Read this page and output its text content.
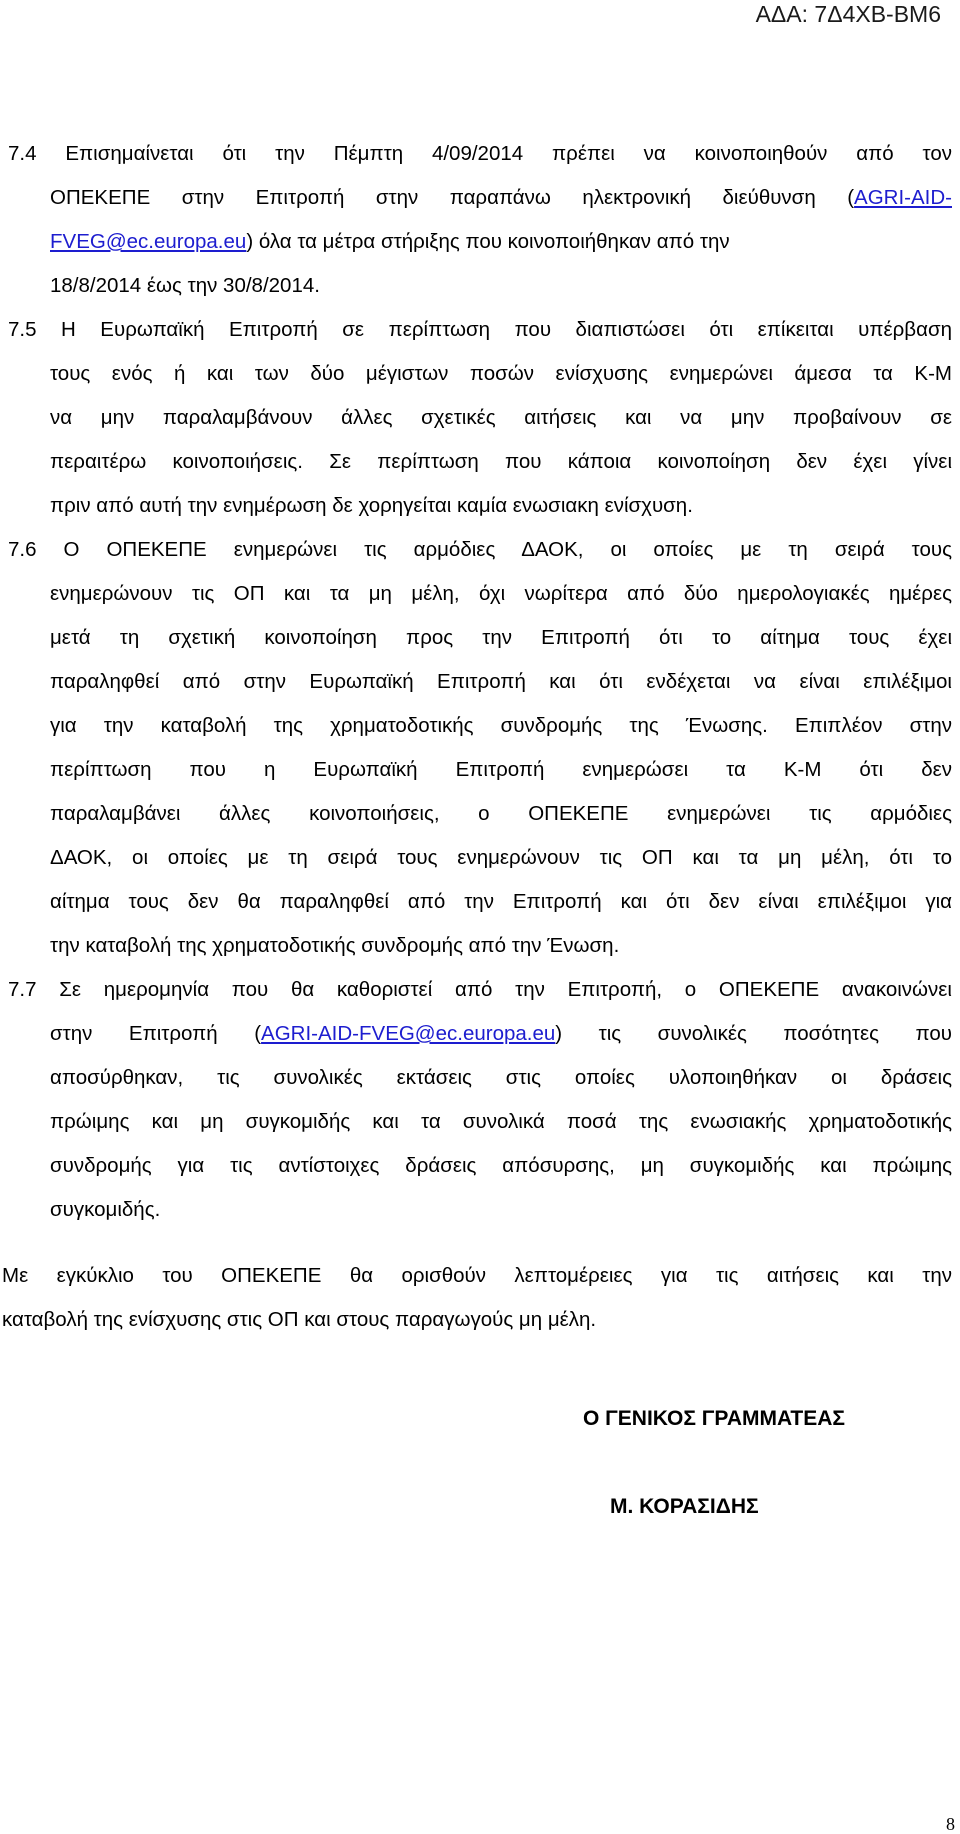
ΑΔΑ: 7Δ4ΧΒ-ΒΜ6
7.4 Επισημαίνεται ότι την Πέμπτη 4/09/2014 πρέπει να κοινοποιηθούν από τον
ΟΠΕΚΕΠΕ στην Επιτροπή στην παραπάνω ηλεκτρονική διεύθυνση (AGRI-AID-
FVEG@ec.europa.eu) όλα τα μέτρα στήριξης που κοινοποιήθηκαν από την
18/8/2014 έως την 30/8/2014.
7.5 Η Ευρωπαϊκή Επιτροπή σε περίπτωση που διαπιστώσει ότι επίκειται υπέρβαση
τους ενός ή και των δύο μέγιστων ποσών ενίσχυσης ενημερώνει άμεσα τα Κ-Μ
να μην παραλαμβάνουν άλλες σχετικές αιτήσεις και να μην προβαίνουν σε
περαιτέρω κοινοποιήσεις. Σε περίπτωση που κάποια κοινοποίηση δεν έχει γίνει
πριν από αυτή την ενημέρωση δε χορηγείται καμία ενωσιακη ενίσχυση.
7.6 Ο ΟΠΕΚΕΠΕ ενημερώνει τις αρμόδιες ΔΑΟΚ, οι οποίες με τη σειρά τους
ενημερώνουν τις ΟΠ και τα μη μέλη, όχι νωρίτερα από δύο ημερολογιακές ημέρες
μετά τη σχετική κοινοποίηση προς την Επιτροπή ότι το αίτημα τους έχει
παραληφθεί από στην Ευρωπαϊκή Επιτροπή και ότι ενδέχεται να είναι επιλέξιμοι
για την καταβολή της χρηματοδοτικής συνδρομής της Ένωσης. Επιπλέον στην
περίπτωση που η Ευρωπαϊκή Επιτροπή ενημερώσει τα Κ-Μ ότι δεν
παραλαμβάνει άλλες κοινοποιήσεις, ο ΟΠΕΚΕΠΕ ενημερώνει τις αρμόδιες
ΔΑΟΚ, οι οποίες με τη σειρά τους ενημερώνουν τις ΟΠ και τα μη μέλη, ότι το
αίτημα τους δεν θα παραληφθεί από την Επιτροπή και ότι δεν είναι επιλέξιμοι για
την καταβολή της χρηματοδοτικής συνδρομής από την Ένωση.
7.7 Σε ημερομηνία που θα καθοριστεί από την Επιτροπή, ο ΟΠΕΚΕΠΕ ανακοινώνει
στην Επιτροπή (AGRI-AID-FVEG@ec.europa.eu) τις συνολικές ποσότητες που
αποσύρθηκαν, τις συνολικές εκτάσεις στις οποίες υλοποιηθήκαν οι δράσεις
πρώιμης και μη συγκομιδής και τα συνολικά ποσά της ενωσιακής χρηματοδοτικής
συνδρομής για τις αντίστοιχες δράσεις απόσυρσης, μη συγκομιδής και πρώιμης
συγκομιδής.
Με εγκύκλιο του ΟΠΕΚΕΠΕ θα ορισθούν λεπτομέρειες για τις αιτήσεις και την
καταβολή της ενίσχυσης στις ΟΠ και στους παραγωγούς μη μέλη.
Ο ΓΕΝΙΚΟΣ ΓΡΑΜΜΑΤΕΑΣ
Μ. ΚΟΡΑΣΙΔΗΣ
8
